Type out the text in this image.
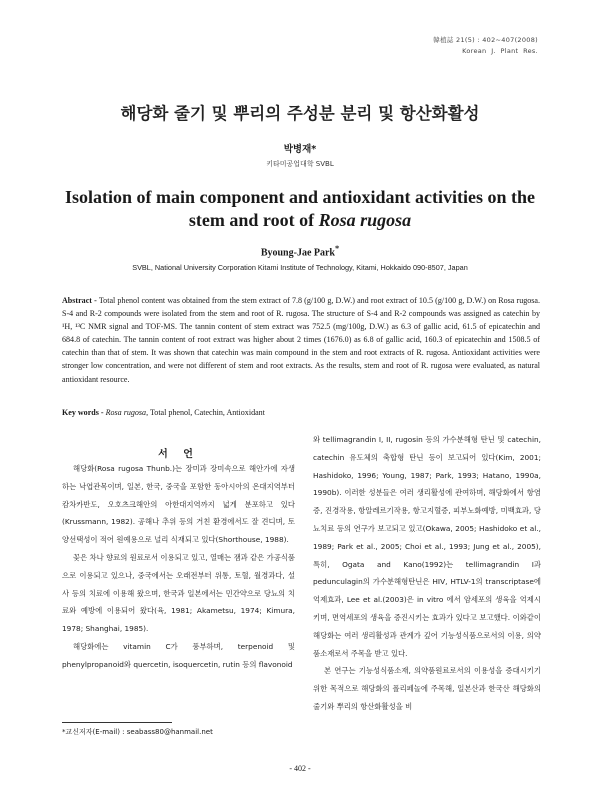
韓植誌 21(5) : 402~407(2008)
Korean  J.  Plant  Res.
해당화 줄기 및 뿌리의 주성분 분리 및 항산화활성
박병재*
키타미공업대학 SVBL
Isolation of main component and antioxidant activities on the stem and root of Rosa rugosa
Byoung-Jae Park*
SVBL, National University Corporation Kitami Institute of Technology, Kitami, Hokkaido 090-8507, Japan
Abstract - Total phenol content was obtained from the stem extract of 7.8 (g/100 g, D.W.) and root extract of 10.5 (g/100 g, D.W.) on Rosa rugosa. S-4 and R-2 compounds were isolated from the stem and root of R. rugosa. The structure of S-4 and R-2 compounds was assigned as catechin by ¹H, ¹³C NMR signal and TOF-MS. The tannin content of stem extract was 752.5 (mg/100g, D.W.) as 6.3 of gallic acid, 61.5 of epicatechin and 684.8 of catechin. The tannin content of root extract was higher about 2 times (1676.0) as 6.8 of gallic acid, 160.3 of epicatechin and 1508.5 of catechin than that of stem. It was shown that catechin was main compound in the stem and root extracts of R. rugosa. Antioxidant activities were stronger low concentration, and were not different of stem and root extracts. As the results, stem and root of R. rugosa were evaluated, as natural antioxidant resource.
Key words - Rosa rugosa, Total phenol, Catechin, Antioxidant
서 언

해당화(Rosa rugosa Thunb.)는 장미과 장미속으로 해안가에 자생하는 낙엽관목이며, 일본, 한국, 중국을 포함한 동아시아의 온대지역부터 캄차카반도, 오호츠크해안의 아한대지역까지 넓게 분포하고 있다(Krussmann, 1982). 공해나 추위 등의 거친 환경에서도 잘 견디며, 토양선택성이 적어 원예용으로 널리 식재되고 있다(Shorthouse, 1988).

꽃은 차나 향료의 원료로서 이용되고 있고, 열매는 잼과 같은 가공식품으로 이용되고 있으나, 중국에서는 오래전부터 위통, 토혈, 월경과다, 설사 등의 치료에 이용해 왔으며, 한국과 일본에서는 민간약으로 당뇨의 치료와 예방에 이용되어 왔다(육, 1981; Akametsu, 1974; Kimura, 1978; Shanghai, 1985).

해당화에는 vitamin C가 풍부하며, terpenoid 및 phenylpropanoid와 quercetin, isoquercetin, rutin 등의 flavonoid

와 tellimagrandin I, II, rugosin 등의 가수분해형 탄닌 및 catechin, catechin 유도체의 축합형 탄닌 등이 보고되어 있다(Kim, 2001; Hashidoko, 1996; Young, 1987; Park, 1993; Hatano, 1990a, 1990b). 이러한 성분들은 여러 생리활성에 관여하며, 해당화에서 항염증, 진경작용, 항알레르기작용, 항고지혈증, 피부노화예방, 미백효과, 당뇨치료 등의 연구가 보고되고 있고(Okawa, 2005; Hashidoko et al., 1989; Park et al., 2005; Choi et al., 1993; Jung et al., 2005), 특히, Ogata and Kano(1992)는 tellimagrandin I과 pedunculagin의 가수분해형탄닌은 HIV, HTLV-1의 transcriptase에 억제효과, Lee et al.(2003)은 in vitro 에서 암세포의 생육을 억제시키며, 면역세포의 생육을 증진시키는 효과가 있다고 보고했다. 이와같이 해당화는 여러 생리활성과 관계가 깊어 기능성식품으로서의 이용, 의약품소재로서 주목을 받고 있다.

본 연구는 기능성식품소재, 의약품원료로서의 이용성을 증대시키기 위한 목적으로 해당화의 폴리페놀에 주목해, 일본산과 한국산 해당화의 줄기와 뿌리의 항산화활성을 비

*교신저자(E-mail) : seabass80@hanmail.net
- 402 -
